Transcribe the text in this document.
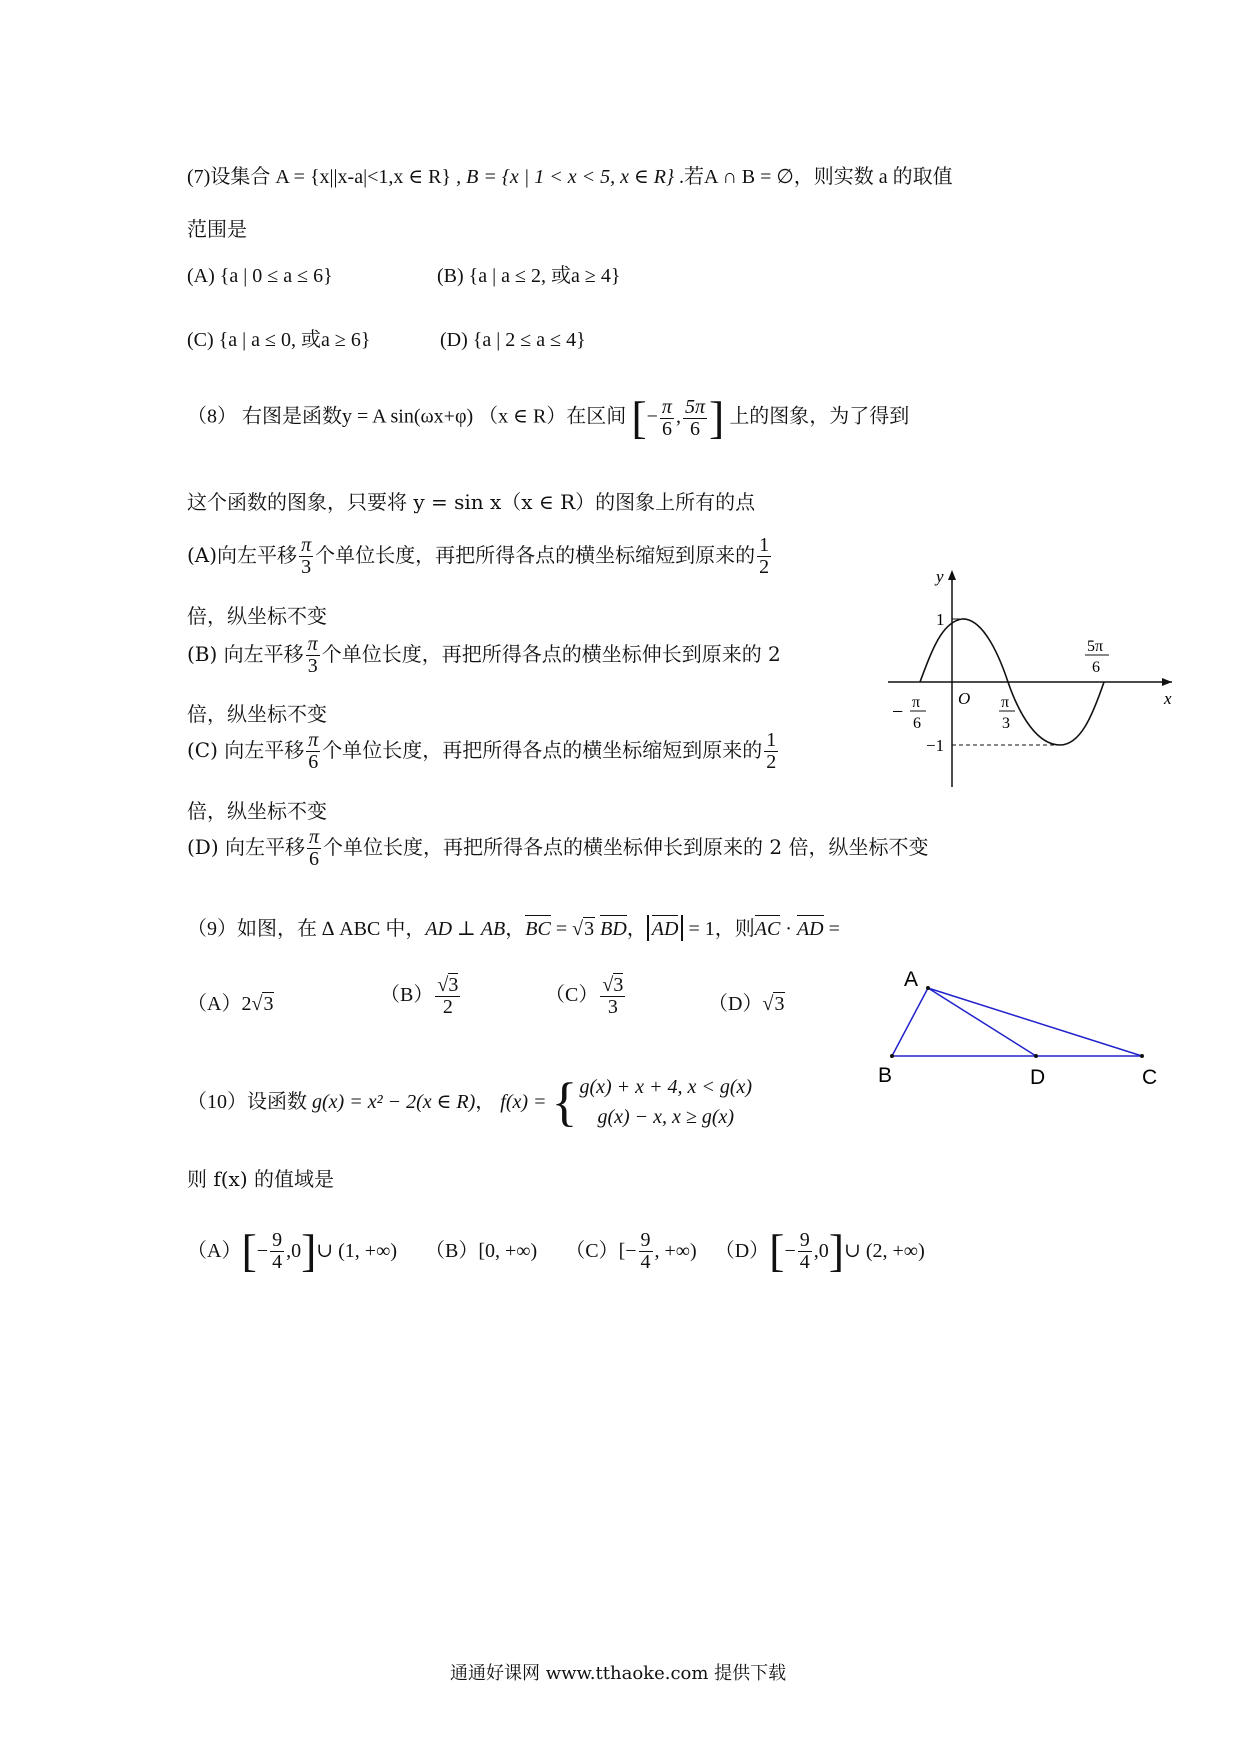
(7)设集合 A = {x||x-a|<1,x ∈ R} , B = {x | 1 < x < 5, x ∈ R} .若A ∩ B = ∅，则实数 a 的取值
范围是
(A) {a | 0 ≤ a ≤ 6}	(B) {a | a ≤ 2, 或a ≥ 4}
(C) {a | a ≤ 0, 或a ≥ 6}	(D) {a | 2 ≤ a ≤ 4}
（8） 右图是函数y = A sin(ωx+φ) （x ∈ R）在区间 [− $\frac{\pi}{6}$ , $\frac{5\pi}{6}$ ] 上的图象，为了得到
这个函数的图象，只要将 y = sin x（x ∈ R）的图象上所有的点
(A)向左平移 $\frac{\pi}{3}$ 个单位长度，再把所得各点的横坐标缩短到原来的 $\frac{1}{2}$
倍，纵坐标不变
(B) 向左平移 $\frac{\pi}{3}$ 个单位长度，再把所得各点的横坐标伸长到原来的 2
倍，纵坐标不变
(C) 向左平移 $\frac{\pi}{6}$ 个单位长度，再把所得各点的横坐标缩短到原来的 $\frac{1}{2}$
倍，纵坐标不变
(D) 向左平移 $\frac{\pi}{6}$ 个单位长度，再把所得各点的横坐标伸长到原来的 2 倍，纵坐标不变
y
x
O
1
−1
− π
6
π
3
5π
6
（9）如图，在 ∆ ABC 中，AD ⊥ AB，BC = √3 BD， AD = 1，则AC · AD =
（A）2√3	$(B) \frac{√3}{2}$	$(C) \frac{√3}{3}$	（D）√3
A
B	D	C
（10）设函数 g(x) = x² − 2(x ∈ R)， f(x) = { g(x) + x + 4, x < g(x)
g(x) − x, x ≥ g(x)
则 f(x) 的值域是
$(A)[- \frac{9}{4}$ ,0]∪ (1, +∞) （B）[0, +∞) $(C)[- \frac{9}{4}$ , +∞) $(D)[- \frac{9}{4}$ ,0]∪ (2, +∞)
通通好课网 www.tthaoke.com 提供下载
